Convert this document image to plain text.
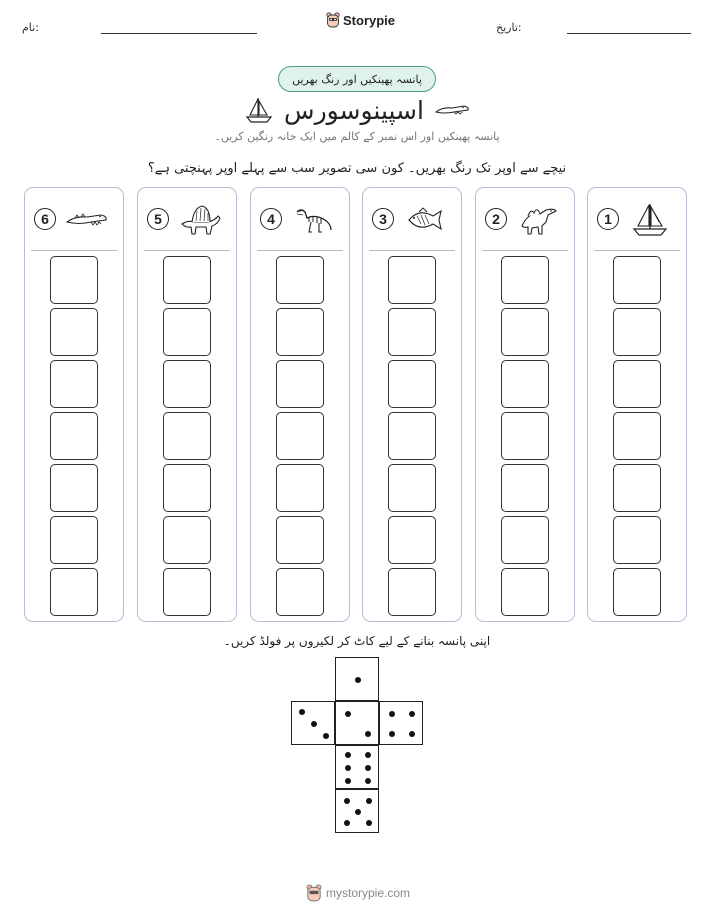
نام:	Storypie	تاریخ:
پانسہ پھینکیں اور رنگ بھریں
اسپینوسورس
پانسہ پھینکیں اور اس نمبر کے کالم میں ایک خانہ رنگین کریں۔
نیچے سے اوپر تک رنگ بھریں۔ کون سی تصویر سب سے پہلے اوپر پہنچتی ہے؟
1
2
3
4
5
6
اپنی پانسہ بنانے کے لیے کاٹ کر لکیروں پر فولڈ کریں۔
mystorypie.com
